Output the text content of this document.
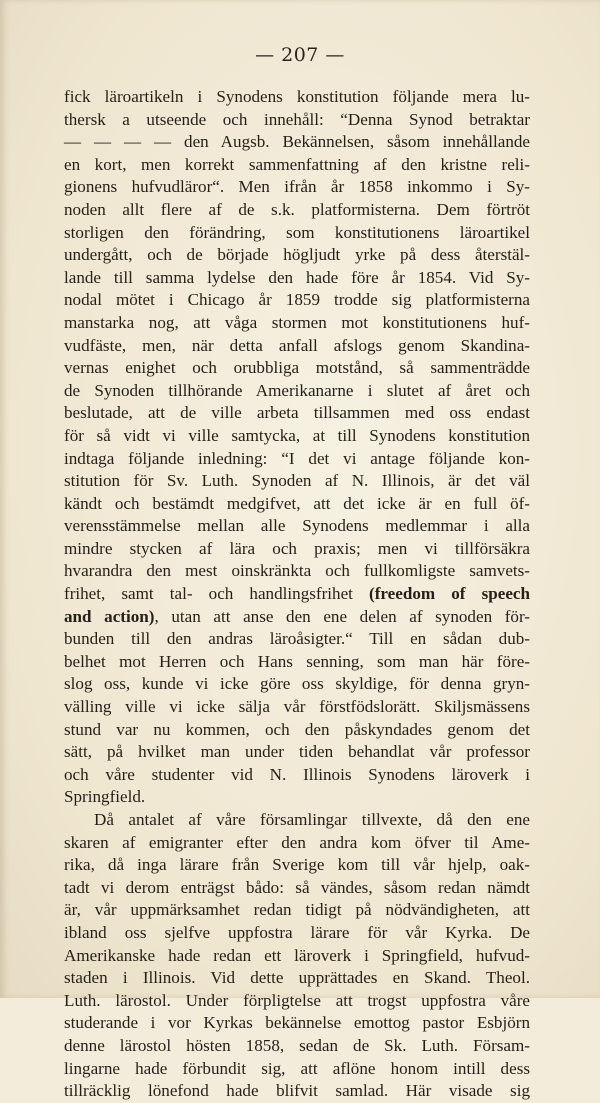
— 207 —
fick läroartikeln i Synodens konstitution följande mera lu-
thersk a utseende och innehåll: “Denna Synod betraktar
— — — — den Augsb. Bekännelsen, såsom innehållande
en kort, men korrekt sammenfattning af den kristne reli-
gionens hufvudläror“. Men ifrån år 1858 inkommo i Sy-
noden allt flere af de s.k. platformisterna. Dem förtröt
storligen den förändring, som konstitutionens läroartikel
undergått, och de började högljudt yrke på dess återstäl-
lande till samma lydelse den hade före år 1854. Vid Sy-
nodal mötet i Chicago år 1859 trodde sig platformisterna
manstarka nog, att våga stormen mot konstitutionens huf-
vudfäste, men, när detta anfall afslogs genom Skandina-
vernas enighet och orubbliga motstånd, så sammenträdde
de Synoden tillhörande Amerikanarne i slutet af året och
beslutade, att de ville arbeta tillsammen med oss endast
för så vidt vi ville samtycka, at till Synodens konstitution
indtaga följande inledning: “I det vi antage följande kon-
stitution för Sv. Luth. Synoden af N. Illinois, är det väl
kändt och bestämdt medgifvet, att det icke är en full öf-
verensstämmelse mellan alle Synodens medlemmar i alla
mindre stycken af lära och praxis; men vi tillförsäkra
hvarandra den mest oinskränkta och fullkomligste samvets-
frihet, samt tal- och handlingsfrihet (freedom of speech
and action), utan att anse den ene delen af synoden för-
bunden till den andras läroåsigter.“ Till en sådan dub-
belhet mot Herren och Hans senning, som man här före-
slog oss, kunde vi icke göre oss skyldige, för denna gryn-
välling ville vi icke sälja vår förstfödslorätt. Skiljsmässens
stund var nu kommen, och den påskyndades genom det
sätt, på hvilket man under tiden behandlat vår professor
och våre studenter vid N. Illinois Synodens läroverk i
Springfield.
Då antalet af våre församlingar tillvexte, då den ene
skaren af emigranter efter den andra kom öfver til Ame-
rika, då inga lärare från Sverige kom till vår hjelp, oak-
tadt vi derom enträgst bådo: så vändes, såsom redan nämdt
är, vår uppmärksamhet redan tidigt på nödvändigheten, att
ibland oss sjelfve uppfostra lärare för vår Kyrka. De
Amerikanske hade redan ett läroverk i Springfield, hufvud-
staden i Illinois. Vid dette upprättades en Skand. Theol.
Luth. lärostol. Under förpligtelse att trogst uppfostra våre
studerande i vor Kyrkas bekännelse emottog pastor Esbjörn
denne lärostol hösten 1858, sedan de Sk. Luth. Försam-
lingarne hade förbundit sig, att aflöne honom intill dess
tillräcklig lönefond hade blifvit samlad. Här visade sig
